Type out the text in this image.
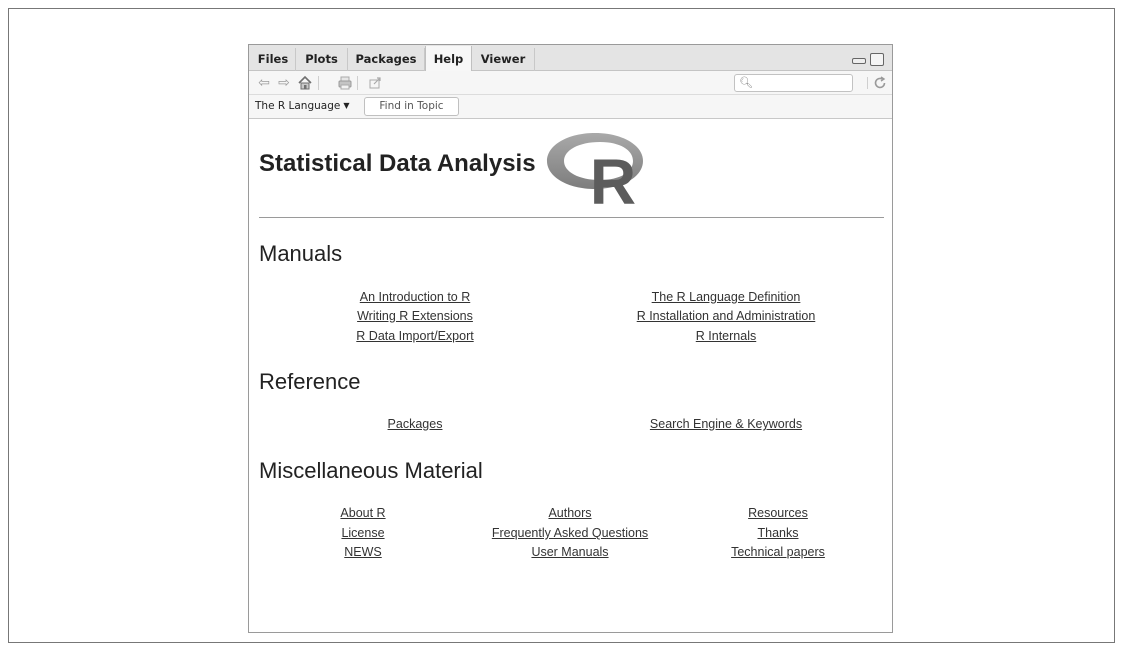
Files	Plots	Packages	Help	Viewer
⇦ ⇨	🔍︎
The R Language ▼	Find in Topic
Statistical Data Analysis R
Manuals
An Introduction to R	The R Language Definition
Writing R Extensions	R Installation and Administration
R Data Import/Export	R Internals
Reference
Packages	Search Engine & Keywords
Miscellaneous Material
About R	Authors	Resources
License	Frequently Asked Questions	Thanks
NEWS	User Manuals	Technical papers
